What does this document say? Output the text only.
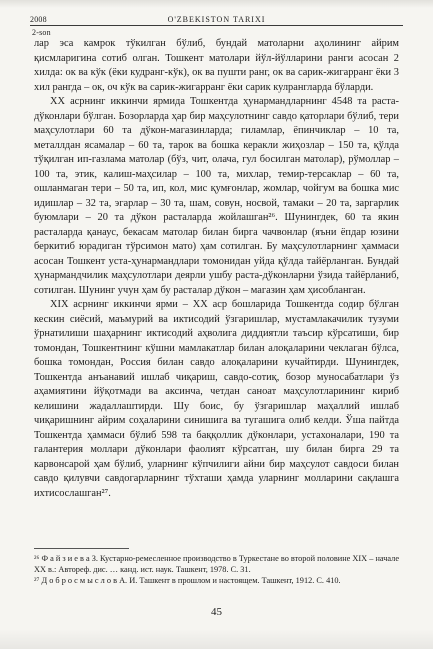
2008	O'ZBEKISTON TARIXI
2-son

лар эса камрок тўкилган бўлиб, бундай матоларни аҳолининг айрим қисмларигина сотиб олган. Тошкент матолари йўл-йўлларини ранги асосан 2 хилда: ок ва кўк (ёки кудранг-кўк), ок ва пушти ранг, ок ва сарик-жигарранг ёки 3 хил рангда – ок, оч кўк ва сарик-жигарранг ёки сарик кулрангларда бўларди.

XX асрнинг иккинчи ярмида Тошкентда ҳунармандларнинг 4548 та раста-дўконлари бўлган. Бозорларда ҳар бир маҳсулотнинг савдо қаторлари бўлиб, тери маҳсулотлари 60 та дўкон-магазинларда; гиламлар, ёпинчиклар – 10 та, металлдан ясамалар – 60 та, тарок ва бошка керакли жиҳозлар – 150 та, қўлда тўқилган ип-газлама матолар (бўз, чит, олача, гул босилган матолар), рўмоллар – 100 та, этик, калиш-маҳсилар – 100 та, михлар, темир-терсаклар – 60 та, ошланмаган тери – 50 та, ип, кол, мис қумғонлар, жомлар, чойгум ва бошка мис идишлар – 32 та, эгарлар – 30 та, шам, совун, ноcвой, тамаки – 20 та, заргарлик буюмлари – 20 та дўкон расталарда жойлашган²⁶. Шунингдек, 60 та якин расталарда қанаус, бекасам матолар билан бирга чачвонлар (яъни ёпдар юзини беркитиб юрадиган тўрсимон мато) ҳам сотилган. Бу маҳсулотларнинг ҳаммаси асосан Тошкент уста-ҳунармандлари томонидан уйда қўлда тайёрланган. Бундай ҳунармандчилик маҳсулотлари деярли ушбу раста-дўконларни ўзида тайёрланиб, сотилган. Шунинг учун ҳам бу расталар дўкон – магазин ҳам ҳисобланган.

XIX асрнинг иккинчи ярми – XX аср бошларида Тошкентда содир бўлган кескин сиёсий, маъмурий ва иктисодий ўзгаришлар, мустамлакачилик тузуми ўрнатилиши шаҳарнинг иктисодий аҳволига диддиятли таъсир кўрсатиши, бир томондан, Тошкентнинг кўшни мамлакатлар билан алоқаларини чеклаган бўлса, бошка томондан, Россия билан савдо алоқаларини кучайтирди. Шунингдек, Тошкентда анъанавий ишлаб чиқариш, савдо-сотиқ, бозор муносабатлари ўз аҳамиятини йўқотмади ва аксинча, четдан саноат маҳсулотларининг кириб келишини жадаллаштирди. Шу боис, бу ўзгаришлар маҳаллий ишлаб чиқаришнинг айрим соҳаларини синишига ва тугашига олиб келди. Ўша пайтда Тошкентда ҳаммаси бўлиб 598 та баққоллик дўконлари, устахоналари, 190 та галантерия моллари дўконлари фаолият кўрсатган, шу билан бирга 29 та карвонсарой ҳам бўлиб, уларнинг кўпчилиги айни бир маҳсулот савдоси билан савдо қилувчи савдогарларнинг тўхташи ҳамда уларнинг молларини сақлашга ихтисослашган²⁷.

²⁶ Ф а й з и е в а З. Кустарно-ремесленное производство в Туркестане во второй половине XIX – начале XX в.: Автореф. дис. … канд. ист. наук. Ташкент, 1978. С. 31.

²⁷ Д о б р о с м ы с л о в А. И. Ташкент в прошлом и настоящем. Ташкент, 1912. С. 410.

45
